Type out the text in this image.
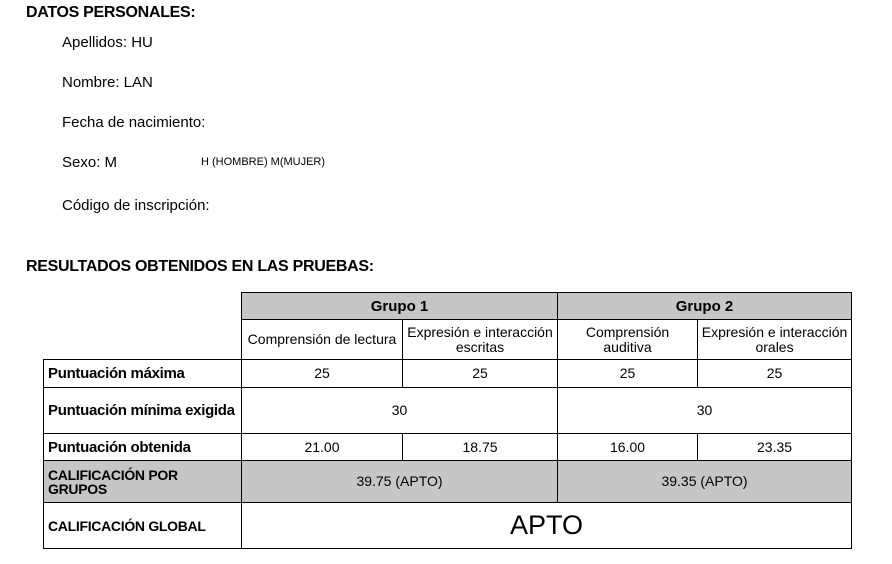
DATOS PERSONALES:
Apellidos: HU
Nombre: LAN
Fecha de nacimiento:
Sexo: M	H (HOMBRE) M(MUJER)
Código de inscripción:
RESULTADOS OBTENIDOS EN LAS PRUEBAS:
	Grupo 1		Grupo 2	
	Comprensión de lectura	Expresión e interacción escritas	Comprensión auditiva	Expresión e interacción orales
Puntuación máxima	25	25	25	25
Puntuación mínima exigida	30		30	
Puntuación obtenida	21.00	18.75	16.00	23.35
CALIFICACIÓN POR GRUPOS	39.75 (APTO)		39.35 (APTO)	
CALIFICACIÓN GLOBAL	APTO			
